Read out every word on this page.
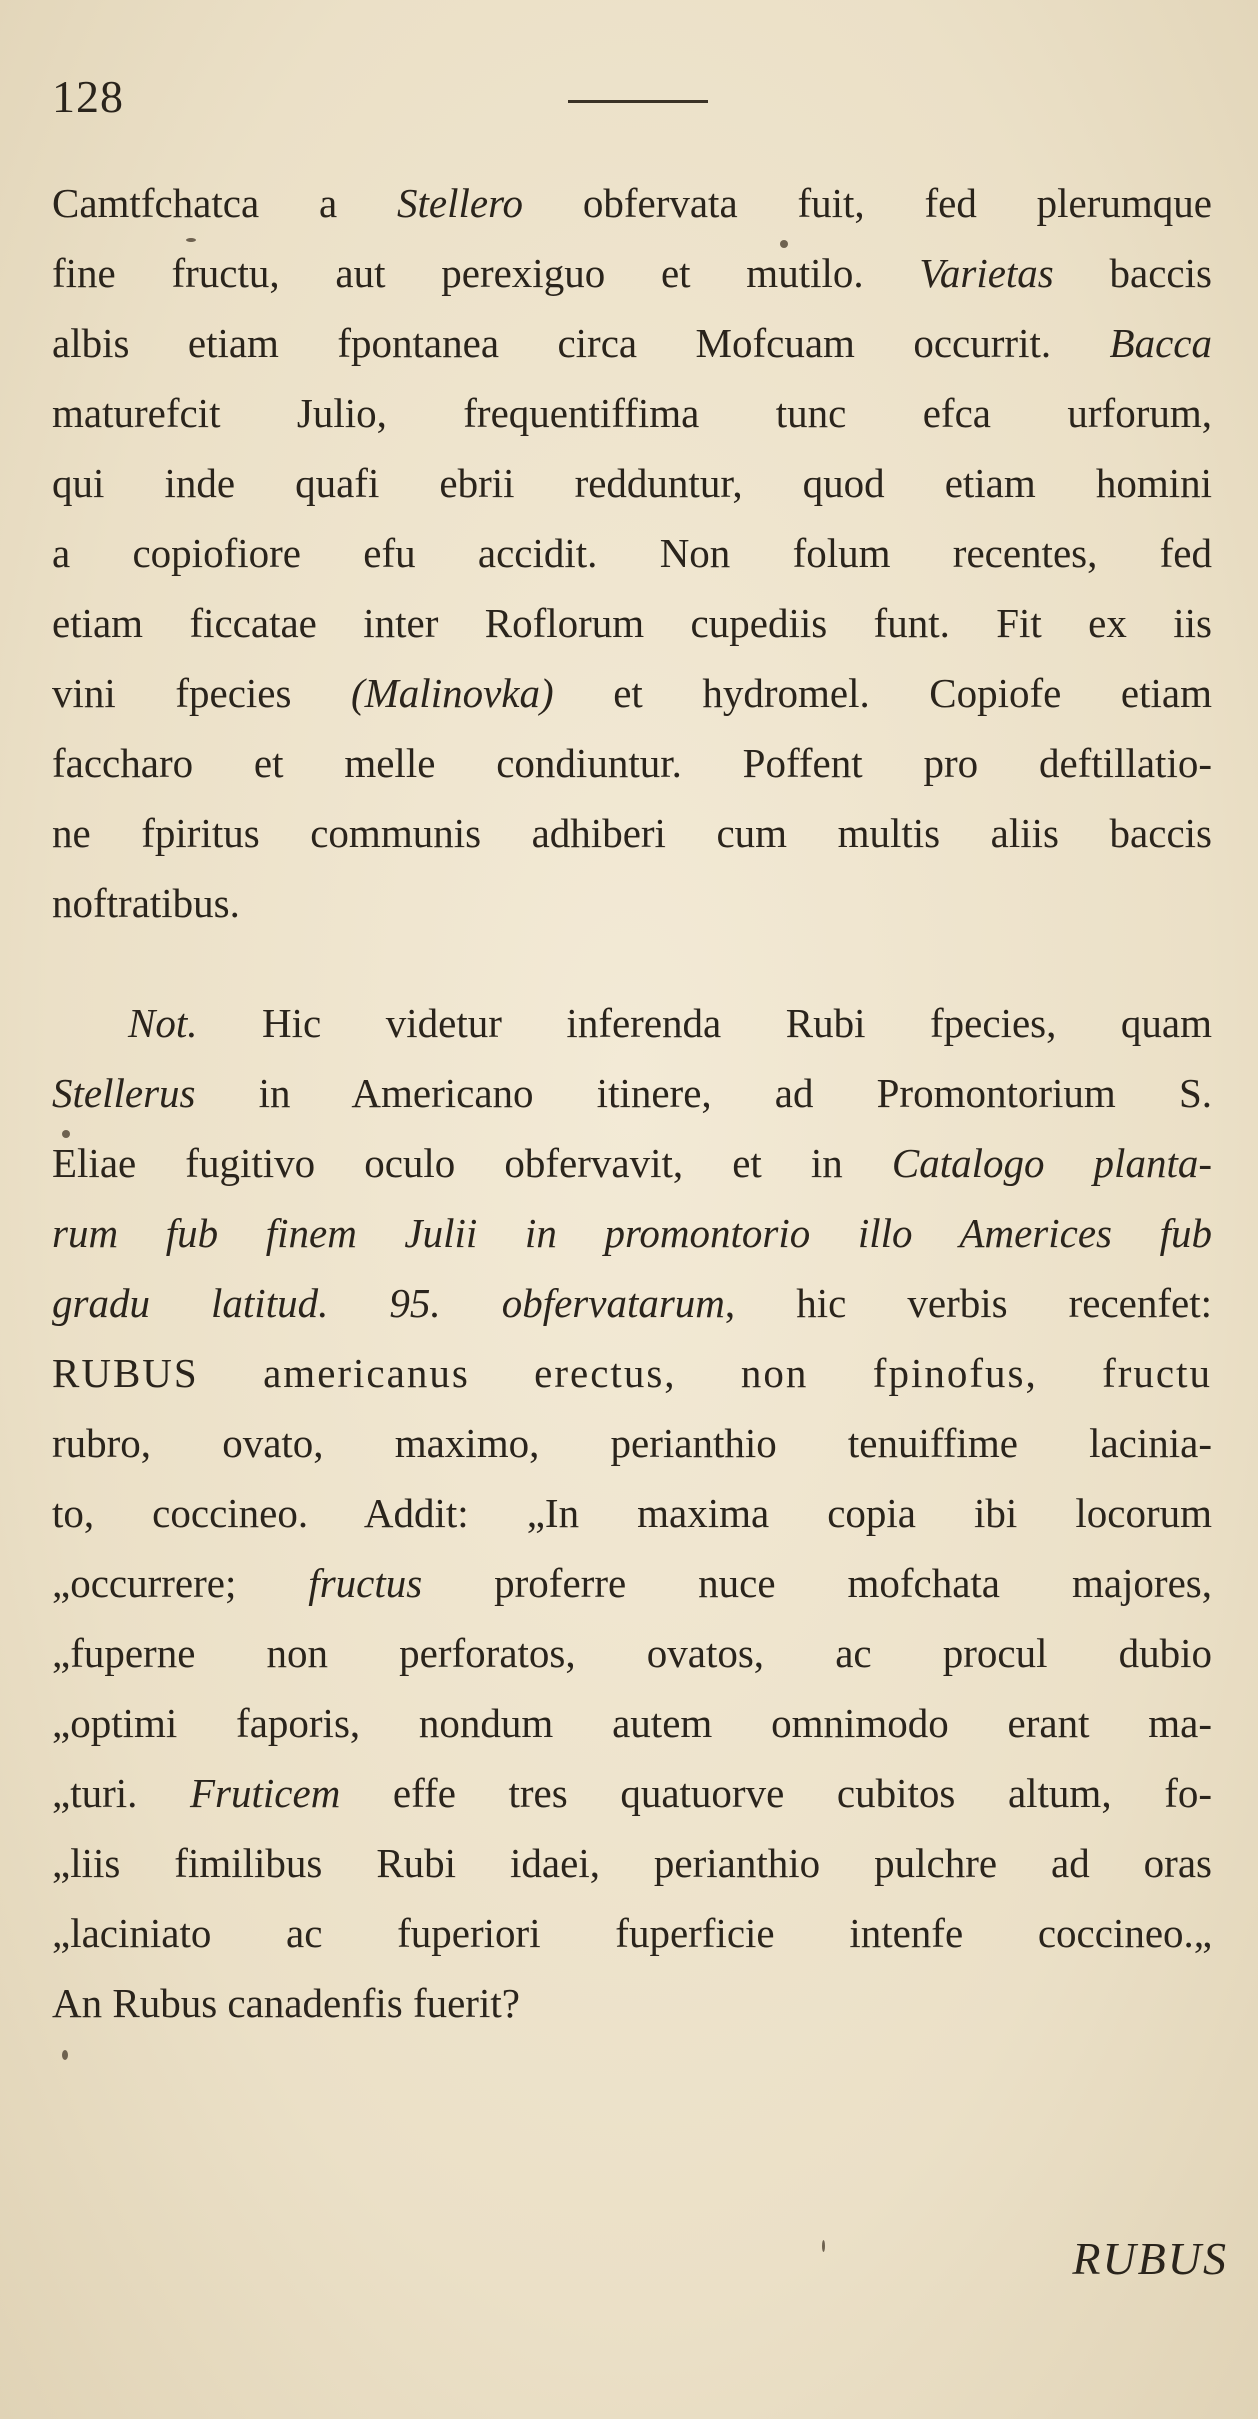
128
Camtfchatca a Stellero obfervata fuit, fed plerumque
fine fructu, aut perexiguo et mutilo. Varietas baccis
albis etiam fpontanea circa Mofcuam occurrit. Bacca
maturefcit Julio, frequentiffima tunc efca urforum,
qui inde quafi ebrii redduntur, quod etiam homini
a copiofiore efu accidit. Non folum recentes, fed
etiam ficcatae inter Roflorum cupediis funt. Fit ex iis
vini fpecies (Malinovka) et hydromel. Copiofe etiam
faccharo et melle condiuntur. Poffent pro deftillatio-
ne fpiritus communis adhiberi cum multis aliis baccis
noftratibus.
Not. Hic videtur inferenda Rubi fpecies, quam
Stellerus in Americano itinere, ad Promontorium S.
Eliae fugitivo oculo obfervavit, et in Catalogo planta-
rum fub finem Julii in promontorio illo Americes fub
gradu latitud. 95. obfervatarum, hic verbis recenfet:
RUBUS americanus erectus, non fpinofus, fructu
rubro, ovato, maximo, perianthio tenuiffime lacinia-
to, coccineo. Addit: „In maxima copia ibi locorum
„occurrere; fructus proferre nuce mofchata majores,
„fuperne non perforatos, ovatos, ac procul dubio
„optimi faporis, nondum autem omnimodo erant ma-
„turi. Fruticem effe tres quatuorve cubitos altum, fo-
„liis fimilibus Rubi idaei, perianthio pulchre ad oras
„laciniato ac fuperiori fuperficie intenfe coccineo.„
An Rubus canadenfis fuerit?
RUBUS
